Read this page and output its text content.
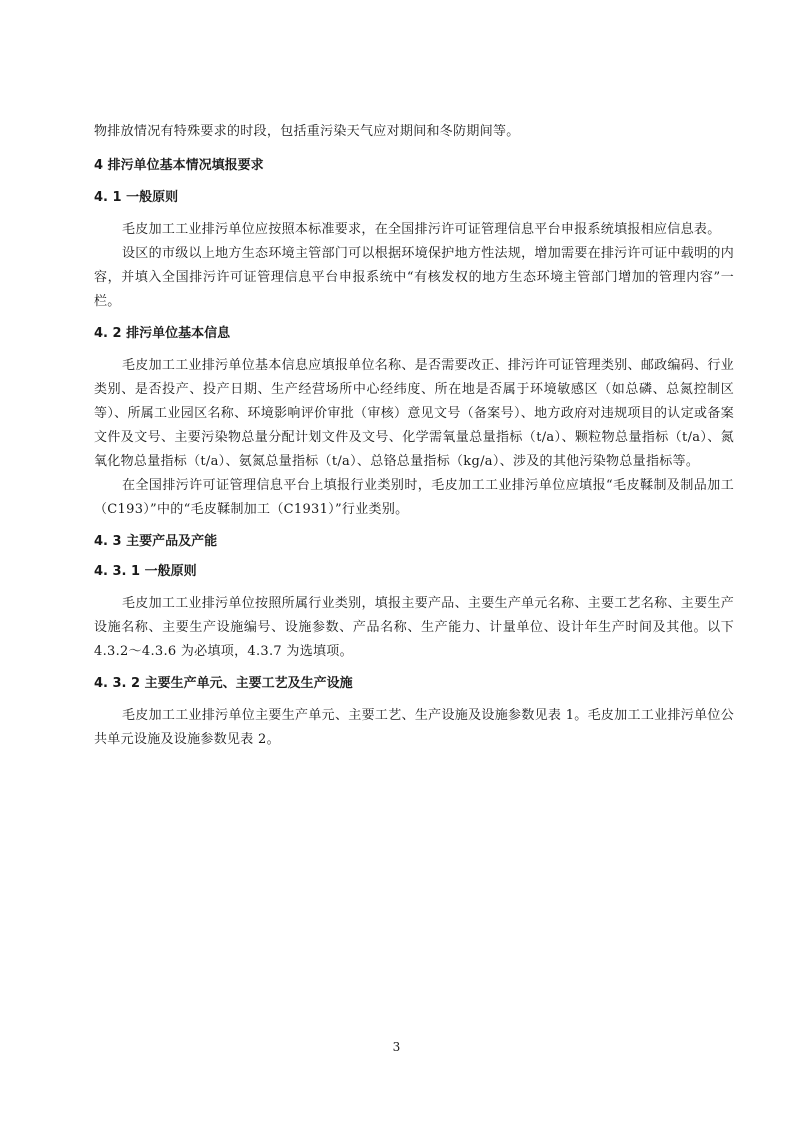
物排放情况有特殊要求的时段，包括重污染天气应对期间和冬防期间等。

4 排污单位基本情况填报要求

4. 1 一般原则

毛皮加工工业排污单位应按照本标准要求，在全国排污许可证管理信息平台申报系统填报相应信息表。

设区的市级以上地方生态环境主管部门可以根据环境保护地方性法规，增加需要在排污许可证中载明的内容，并填入全国排污许可证管理信息平台申报系统中“有核发权的地方生态环境主管部门增加的管理内容”一栏。

4. 2 排污单位基本信息

毛皮加工工业排污单位基本信息应填报单位名称、是否需要改正、排污许可证管理类别、邮政编码、行业类别、是否投产、投产日期、生产经营场所中心经纬度、所在地是否属于环境敏感区（如总磷、总氮控制区等）、所属工业园区名称、环境影响评价审批（审核）意见文号（备案号）、地方政府对违规项目的认定或备案文件及文号、主要污染物总量分配计划文件及文号、化学需氧量总量指标（t/a）、颗粒物总量指标（t/a）、氮氧化物总量指标（t/a）、氨氮总量指标（t/a）、总铬总量指标（kg/a）、涉及的其他污染物总量指标等。

在全国排污许可证管理信息平台上填报行业类别时，毛皮加工工业排污单位应填报“毛皮鞣制及制品加工（C193）”中的“毛皮鞣制加工（C1931）”行业类别。

4. 3 主要产品及产能

4. 3. 1 一般原则

毛皮加工工业排污单位按照所属行业类别，填报主要产品、主要生产单元名称、主要工艺名称、主要生产设施名称、主要生产设施编号、设施参数、产品名称、生产能力、计量单位、设计年生产时间及其他。以下 4.3.2～4.3.6 为必填项，4.3.7 为选填项。

4. 3. 2 主要生产单元、主要工艺及生产设施

毛皮加工工业排污单位主要生产单元、主要工艺、生产设施及设施参数见表 1。毛皮加工工业排污单位公共单元设施及设施参数见表 2。

3
